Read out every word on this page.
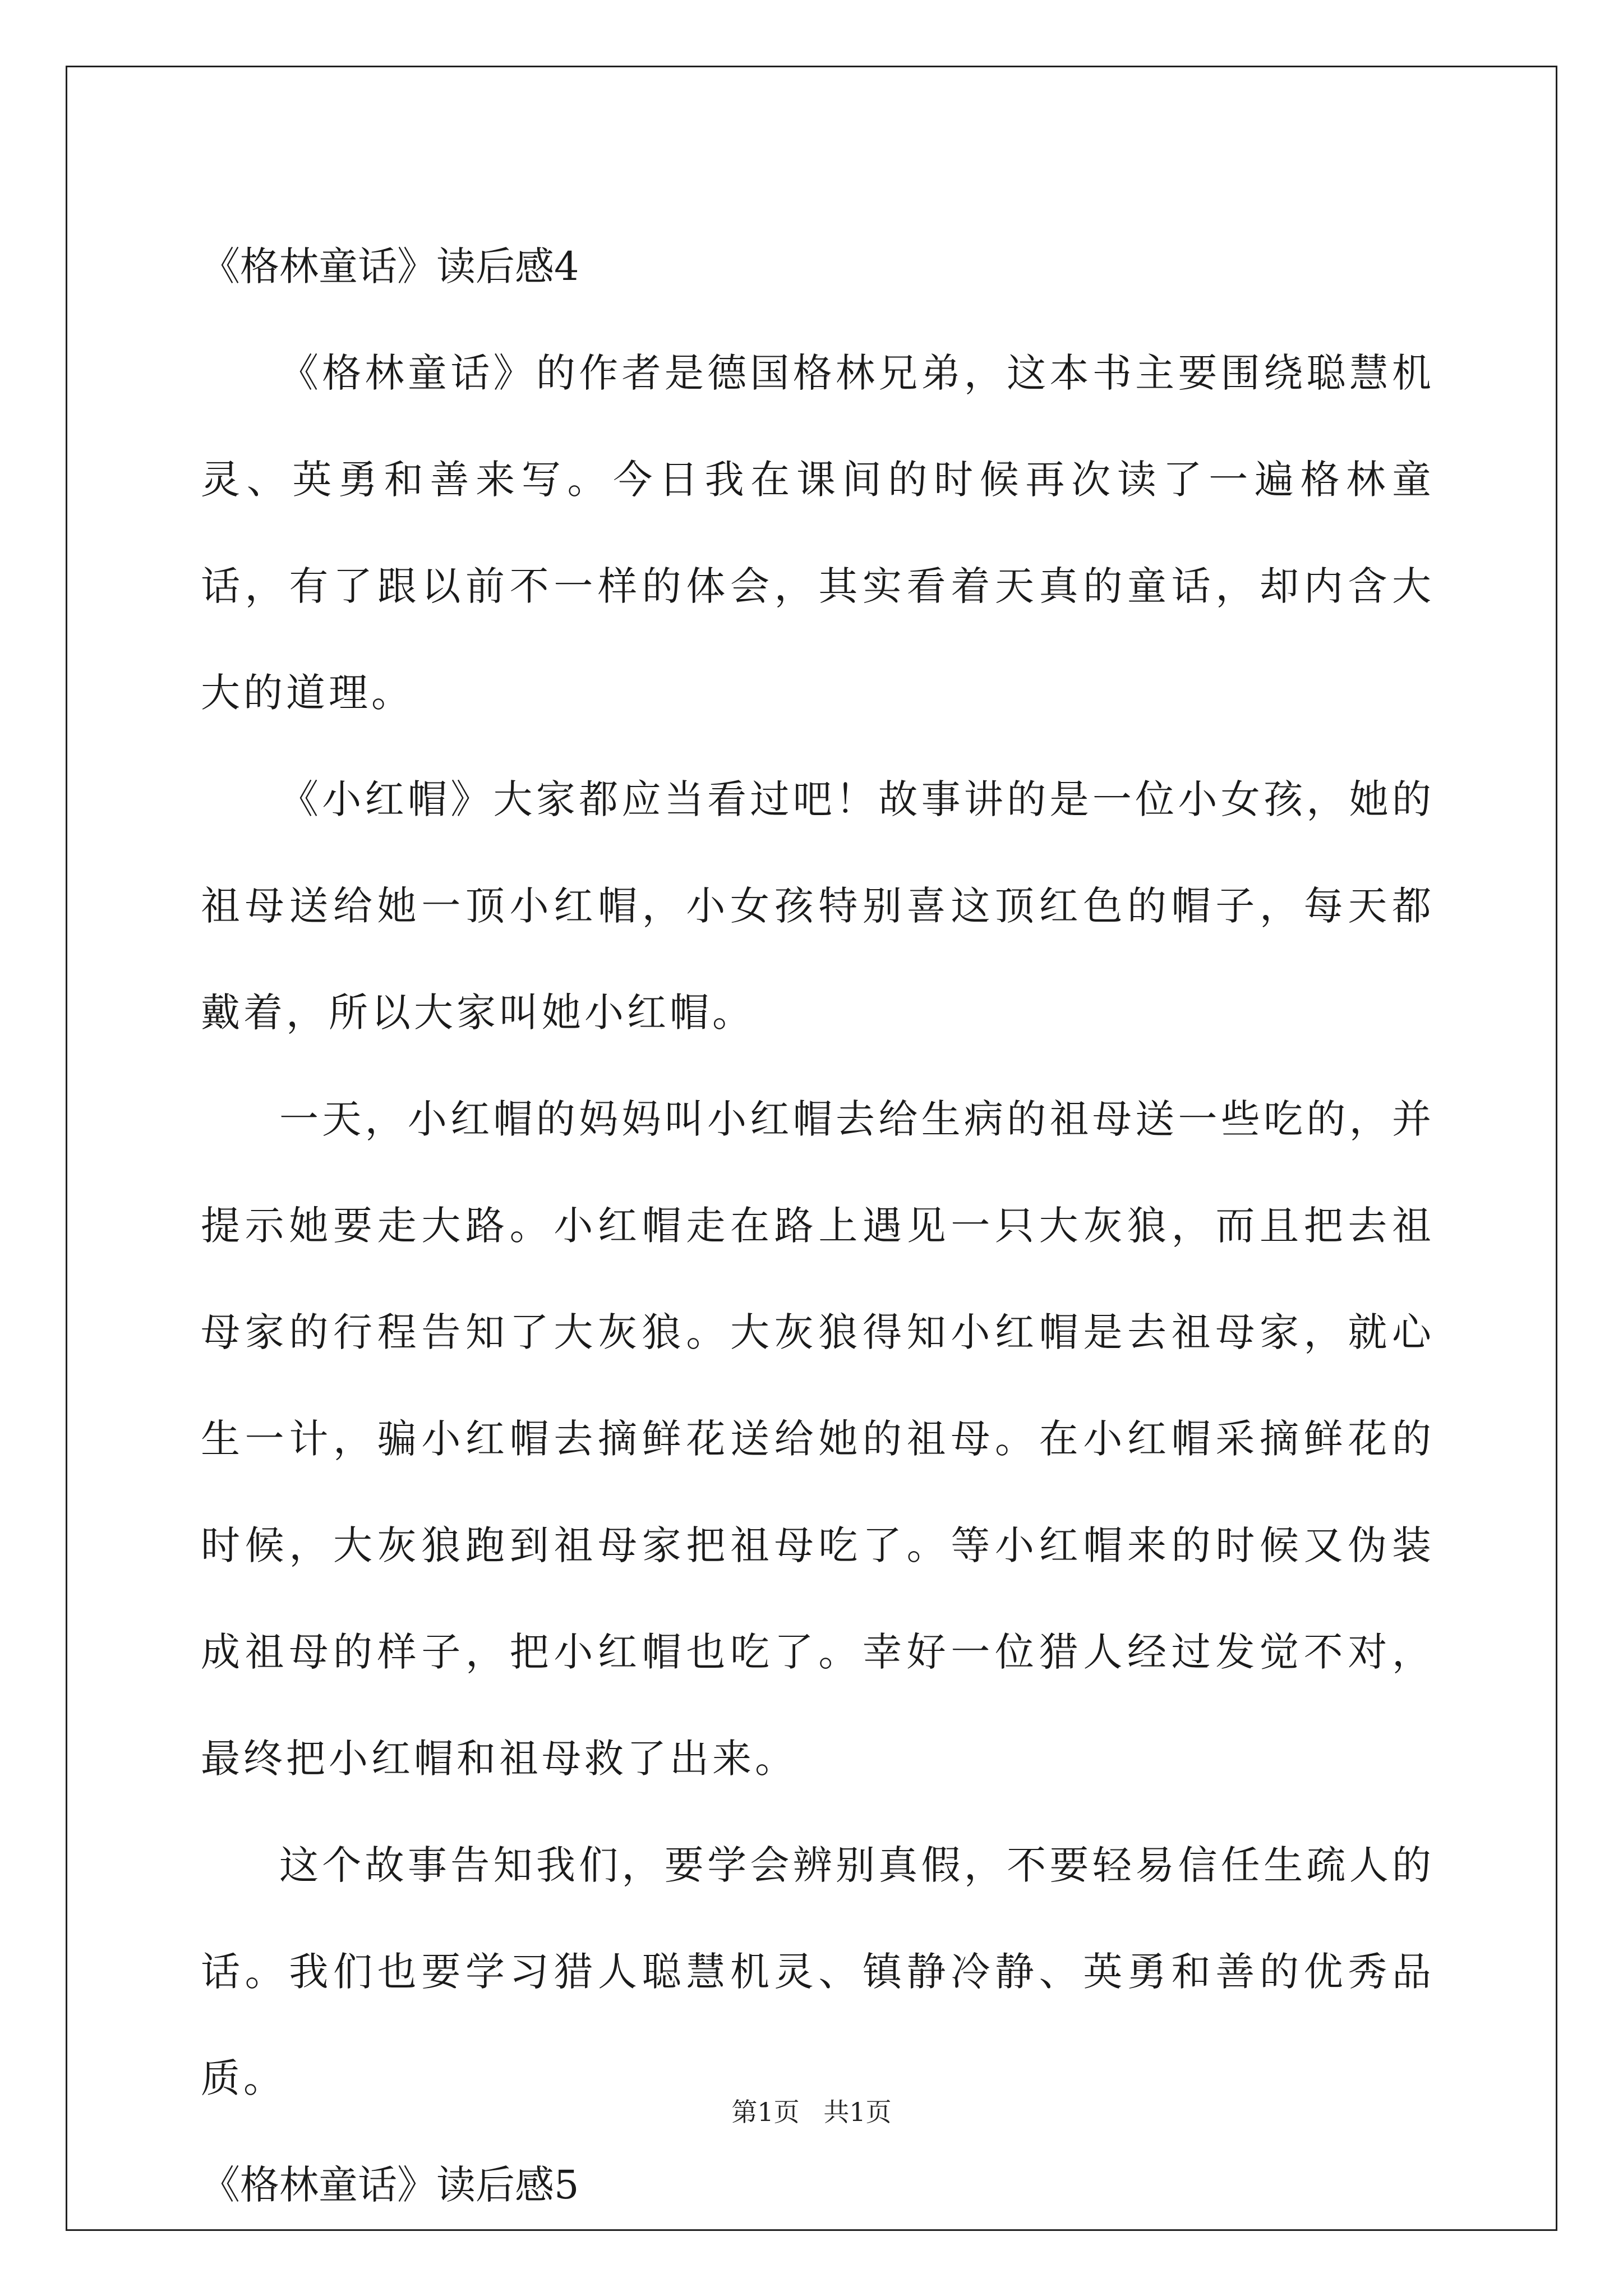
《格林童话》读后感4

《格林童话》的作者是德国格林兄弟，这本书主要围绕聪慧机灵、英勇和善来写。今日我在课间的时候再次读了一遍格林童话，有了跟以前不一样的体会，其实看着天真的童话，却内含大大的道理。

《小红帽》大家都应当看过吧！故事讲的是一位小女孩，她的祖母送给她一顶小红帽，小女孩特别喜这顶红色的帽子，每天都戴着，所以大家叫她小红帽。

一天，小红帽的妈妈叫小红帽去给生病的祖母送一些吃的，并提示她要走大路。小红帽走在路上遇见一只大灰狼，而且把去祖母家的行程告知了大灰狼。大灰狼得知小红帽是去祖母家，就心生一计，骗小红帽去摘鲜花送给她的祖母。在小红帽采摘鲜花的时候，大灰狼跑到祖母家把祖母吃了。等小红帽来的时候又伪装成祖母的样子，把小红帽也吃了。幸好一位猎人经过发觉不对，最终把小红帽和祖母救了出来。

这个故事告知我们，要学会辨别真假，不要轻易信任生疏人的话。我们也要学习猎人聪慧机灵、镇静冷静、英勇和善的优秀品质。

《格林童话》读后感5

第1页 共1页
